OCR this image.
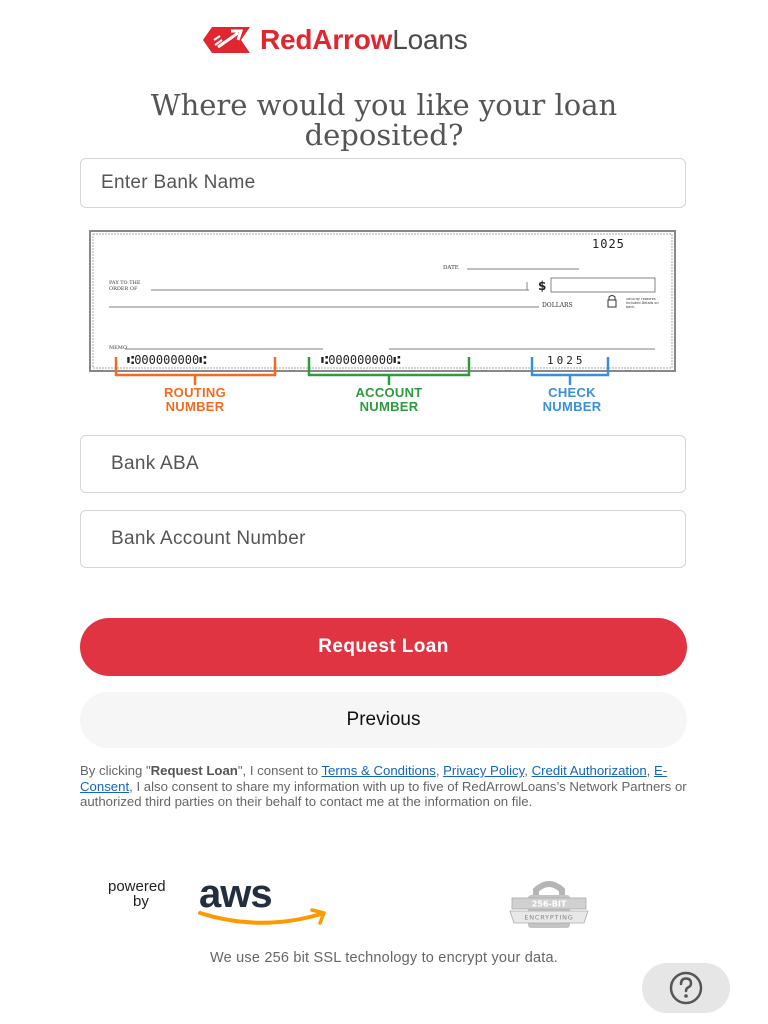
RedArrowLoans
Where would you like your loan deposited?
Enter Bank Name
1025
DATE
PAY TO THE
ORDER OF	$
DOLLARS
Security Features Included Details on back.
MEMO
⑆000000000⑆	⑆000000000⑆	1025
ROUTING
NUMBER
ACCOUNT
NUMBER
CHECK
NUMBER
Bank ABA
Bank Account Number
Request Loan
Previous
By clicking "Request Loan", I consent to Terms & Conditions, Privacy Policy, Credit Authorization, E-Consent, I also consent to share my information with up to five of RedArrowLoans’s Network Partners or authorized third parties on their behalf to contact me at the information on file.
powered
by aws	256-BIT
ENCRYPTING
We use 256 bit SSL technology to encrypt your data.
